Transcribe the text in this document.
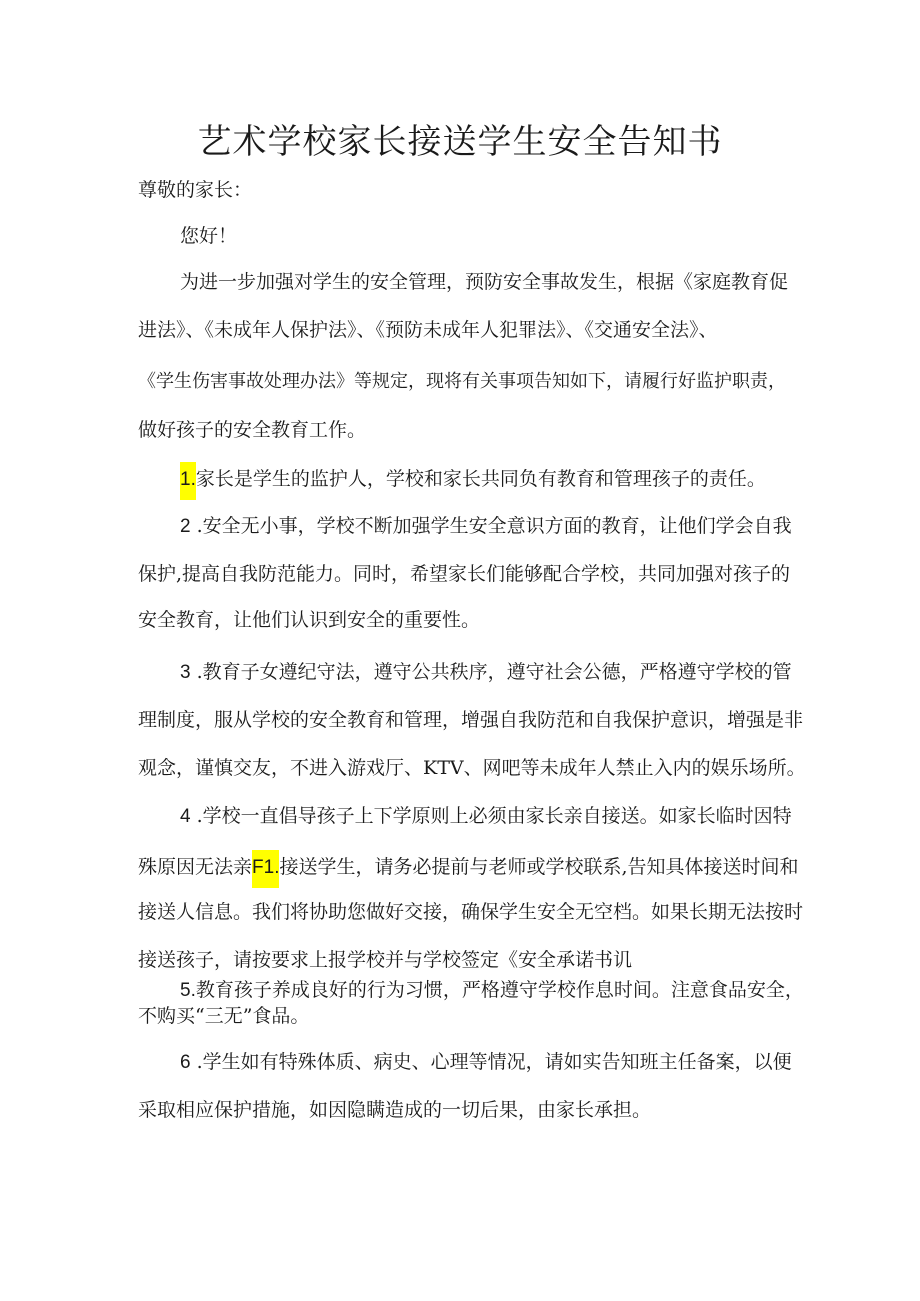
艺术学校家长接送学生安全告知书

尊敬的家长：

您好！

为进一步加强对学生的安全管理，预防安全事故发生，根据《家庭教育促

进法》、《未成年人保护法》、《预防未成年人犯罪法》、《交通安全法》、

《学生伤害事故处理办法》等规定，现将有关事项告知如下，请履行好监护职责，

做好孩子的安全教育工作。

1.家长是学生的监护人，学校和家长共同负有教育和管理孩子的责任。

2 .安全无小事，学校不断加强学生安全意识方面的教育，让他们学会自我

保护,提高自我防范能力。同时，希望家长们能够配合学校，共同加强对孩子的

安全教育，让他们认识到安全的重要性。

3 .教育子女遵纪守法，遵守公共秩序，遵守社会公德，严格遵守学校的管

理制度，服从学校的安全教育和管理，增强自我防范和自我保护意识，增强是非

观念，谨慎交友，不进入游戏厅、KTV、网吧等未成年人禁止入内的娱乐场所。

4 .学校一直倡导孩子上下学原则上必须由家长亲自接送。如家长临时因特

殊原因无法亲F1.接送学生，请务必提前与老师或学校联系,告知具体接送时间和

接送人信息。我们将协助您做好交接，确保学生安全无空档。如果长期无法按时

接送孩子，请按要求上报学校并与学校签定《安全承诺书讥

5.教育孩子养成良好的行为习惯，严格遵守学校作息时间。注意食品安全，

不购买“三无”食品。

6 .学生如有特殊体质、病史、心理等情况，请如实告知班主任备案，以便

采取相应保护措施，如因隐瞒造成的一切后果，由家长承担。
